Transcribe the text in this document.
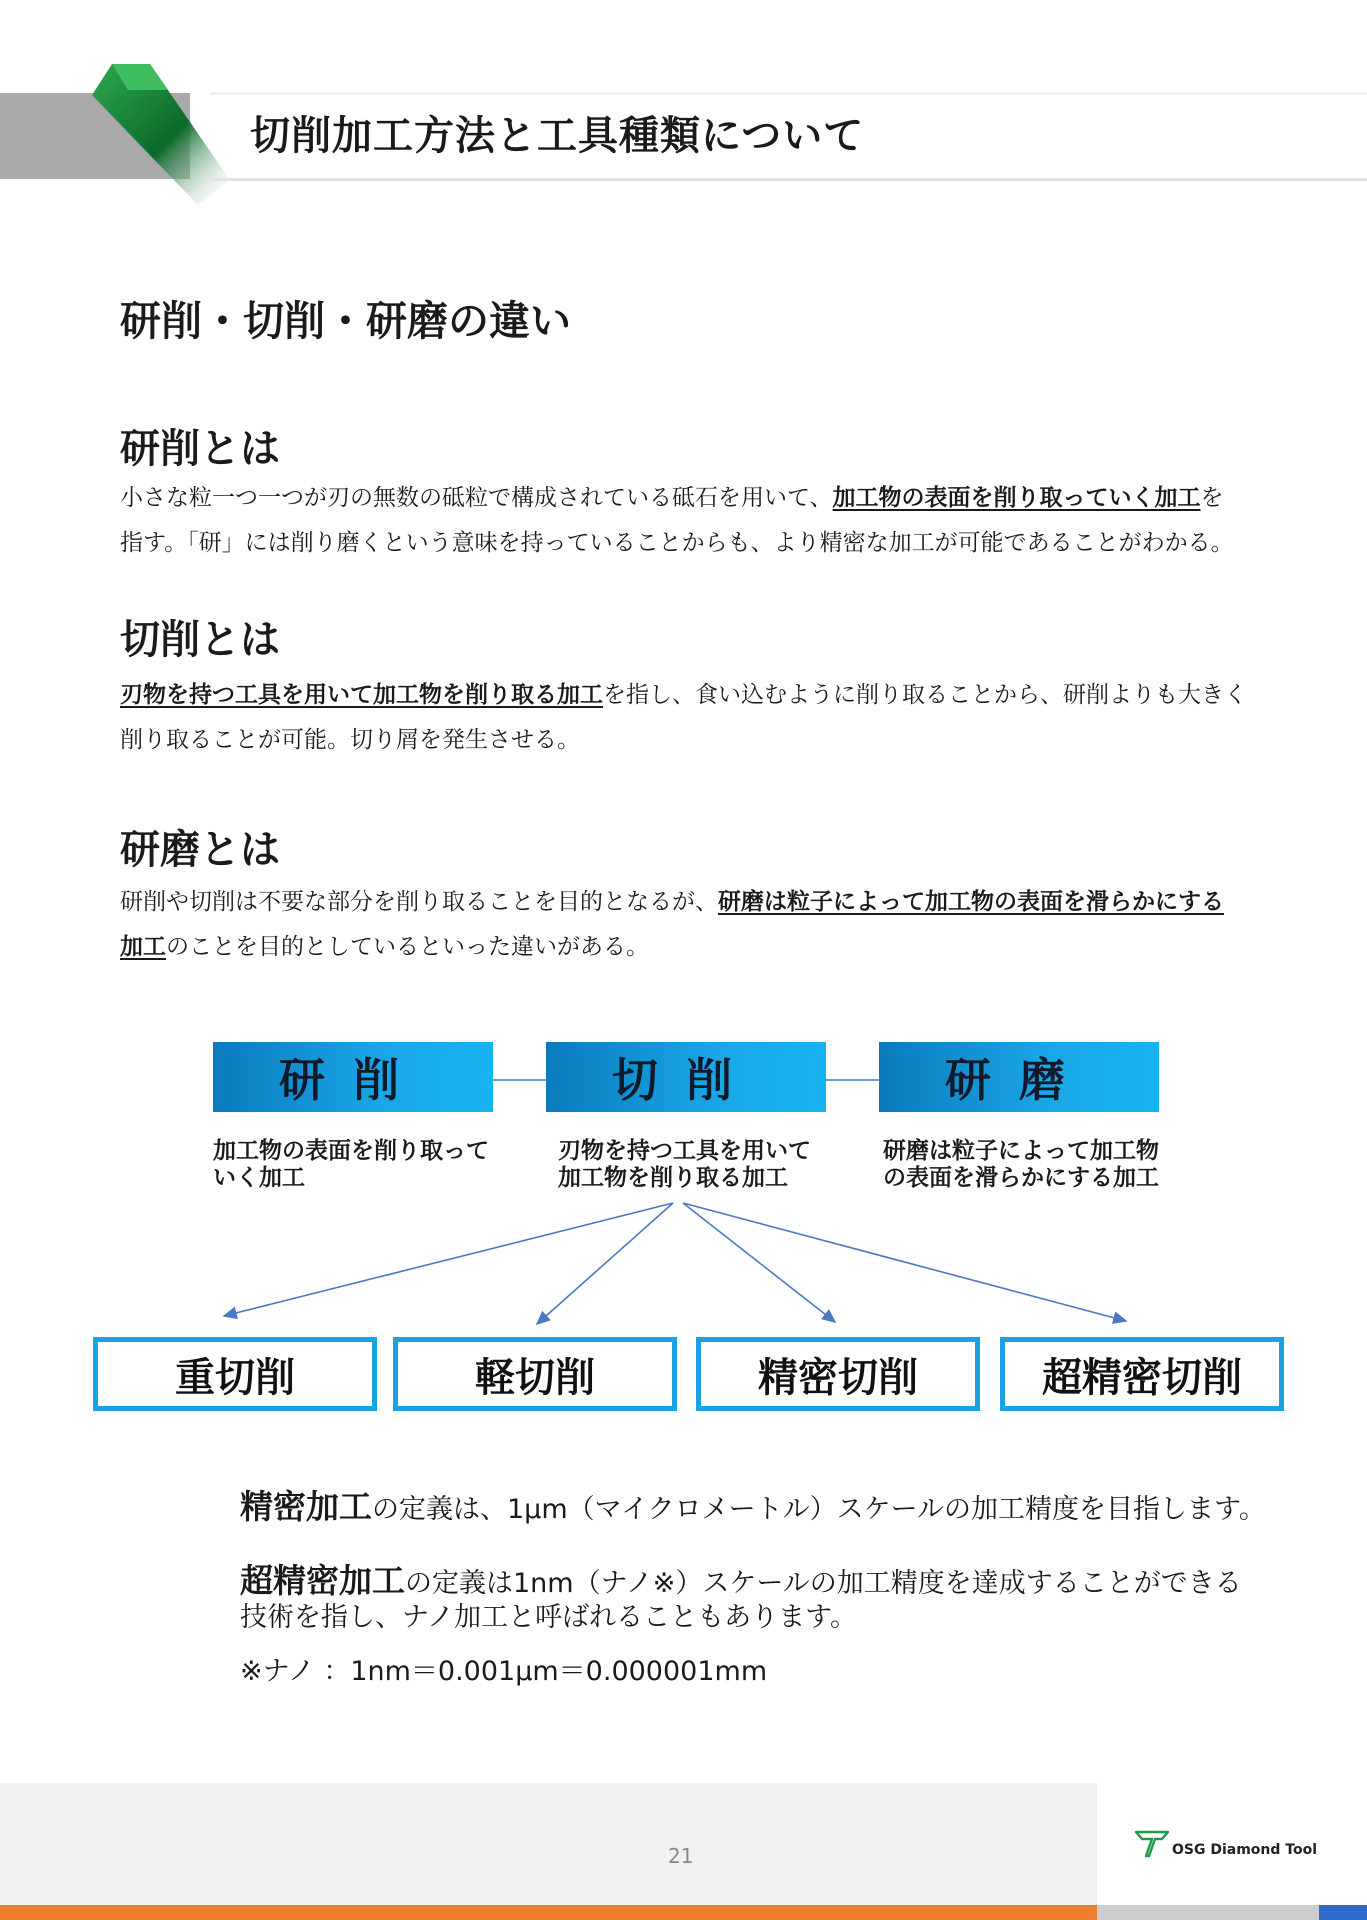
切削加工方法と工具種類について
研削・切削・研磨の違い
研削とは
小さな粒一つ一つが刃の無数の砥粒で構成されている砥石を用いて、加工物の表面を削り取っていく加工を
指す。「研」には削り磨くという意味を持っていることからも、より精密な加工が可能であることがわかる。
切削とは
刃物を持つ工具を用いて加工物を削り取る加工を指し、食い込むように削り取ることから、研削よりも大きく
削り取ることが可能。切り屑を発生させる。
研磨とは
研削や切削は不要な部分を削り取ることを目的となるが、研磨は粒子によって加工物の表面を滑らかにする
加工のことを目的としているといった違いがある。
研削	切削	研磨
加工物の表面を削り取って
いく加工
刃物を持つ工具を用いて
加工物を削り取る加工
研磨は粒子によって加工物
の表面を滑らかにする加工
重切削	軽切削	精密切削	超精密切削
精密加工の定義は、1μm（マイクロメートル）スケールの加工精度を目指します。
超精密加工の定義は1nm（ナノ※）スケールの加工精度を達成することができる
技術を指し、ナノ加工と呼ばれることもあります。
※ナノ ：1nm＝0.001μm＝0.000001mm
21	OSG Diamond Tool
